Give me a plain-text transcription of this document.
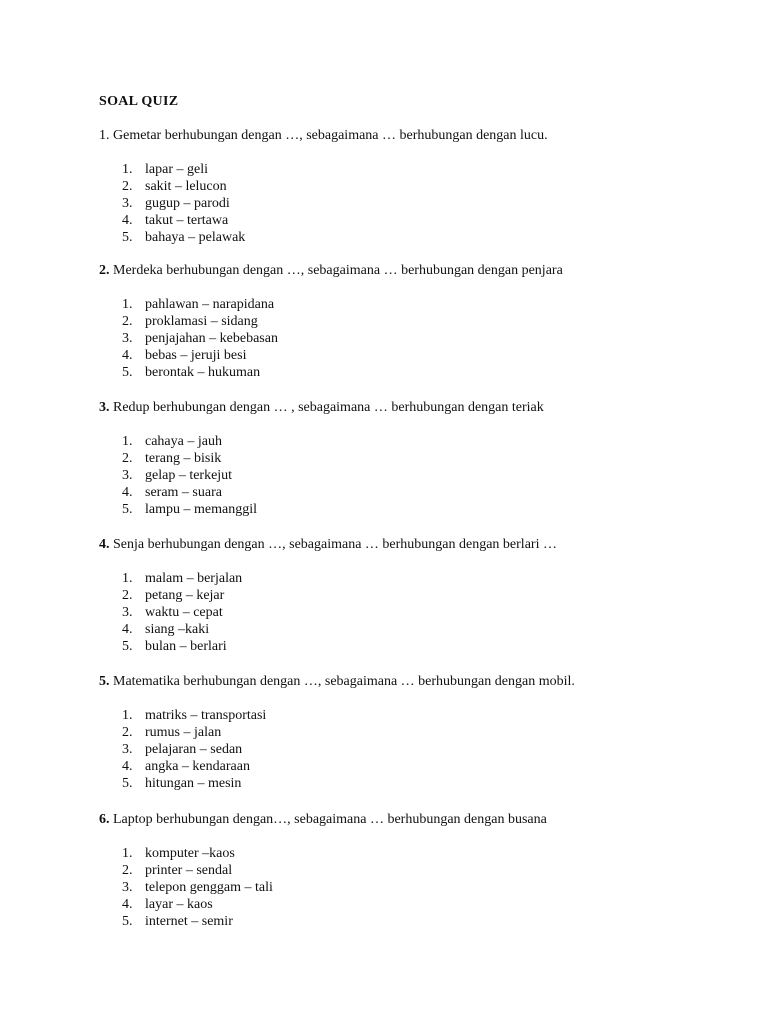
SOAL QUIZ
1. Gemetar berhubungan dengan …, sebagaimana … berhubungan dengan lucu.
1. lapar – geli
2. sakit – lelucon
3. gugup – parodi
4. takut – tertawa
5. bahaya – pelawak
2. Merdeka berhubungan dengan …, sebagaimana … berhubungan dengan penjara
1. pahlawan – narapidana
2. proklamasi – sidang
3. penjajahan – kebebasan
4. bebas – jeruji besi
5. berontak – hukuman
3. Redup berhubungan dengan … , sebagaimana … berhubungan dengan teriak
1. cahaya – jauh
2. terang – bisik
3. gelap – terkejut
4. seram – suara
5. lampu – memanggil
4. Senja berhubungan dengan …, sebagaimana … berhubungan dengan berlari …
1. malam – berjalan
2. petang – kejar
3. waktu – cepat
4. siang –kaki
5. bulan – berlari
5. Matematika berhubungan dengan …, sebagaimana … berhubungan dengan mobil.
1. matriks – transportasi
2. rumus – jalan
3. pelajaran – sedan
4. angka – kendaraan
5. hitungan – mesin
6. Laptop berhubungan dengan…, sebagaimana … berhubungan dengan busana
1. komputer –kaos
2. printer – sendal
3. telepon genggam – tali
4. layar – kaos
5. internet – semir
